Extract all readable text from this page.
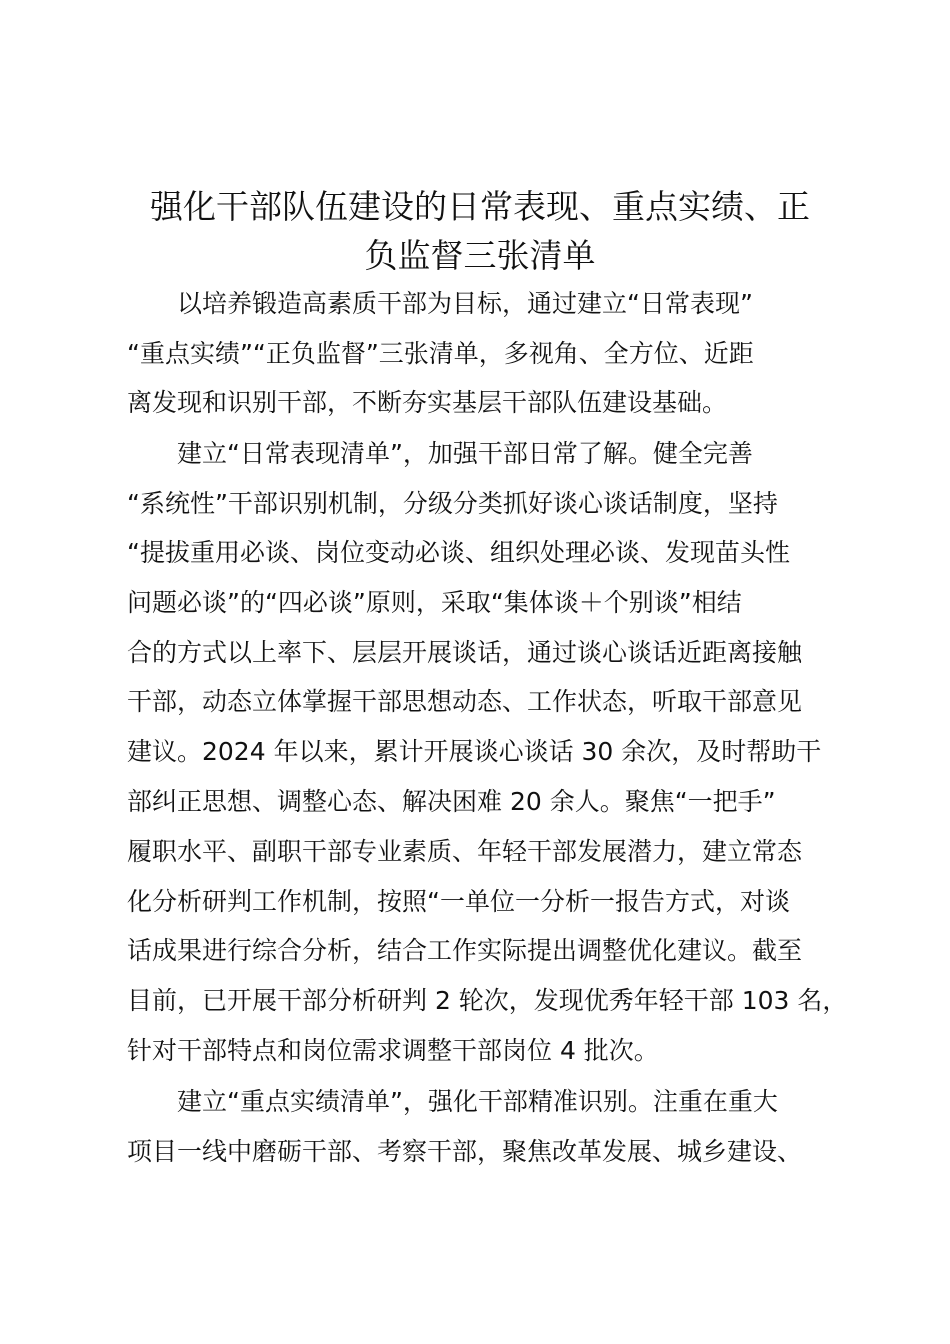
强化干部队伍建设的日常表现、重点实绩、正
负监督三张清单
以培养锻造高素质干部为目标，通过建立“日常表现”
“重点实绩”“正负监督”三张清单，多视角、全方位、近距
离发现和识别干部，不断夯实基层干部队伍建设基础。
建立“日常表现清单”，加强干部日常了解。健全完善
“系统性”干部识别机制，分级分类抓好谈心谈话制度，坚持
“提拔重用必谈、岗位变动必谈、组织处理必谈、发现苗头性
问题必谈”的“四必谈”原则，采取“集体谈＋个别谈”相结
合的方式以上率下、层层开展谈话，通过谈心谈话近距离接触
干部，动态立体掌握干部思想动态、工作状态，听取干部意见
建议。2024 年以来，累计开展谈心谈话 30 余次，及时帮助干
部纠正思想、调整心态、解决困难 20 余人。聚焦“一把手”
履职水平、副职干部专业素质、年轻干部发展潜力，建立常态
化分析研判工作机制，按照“一单位一分析一报告方式，对谈
话成果进行综合分析，结合工作实际提出调整优化建议。截至
目前，已开展干部分析研判 2 轮次，发现优秀年轻干部 103 名，
针对干部特点和岗位需求调整干部岗位 4 批次。
建立“重点实绩清单”，强化干部精准识别。注重在重大
项目一线中磨砺干部、考察干部，聚焦改革发展、城乡建设、
